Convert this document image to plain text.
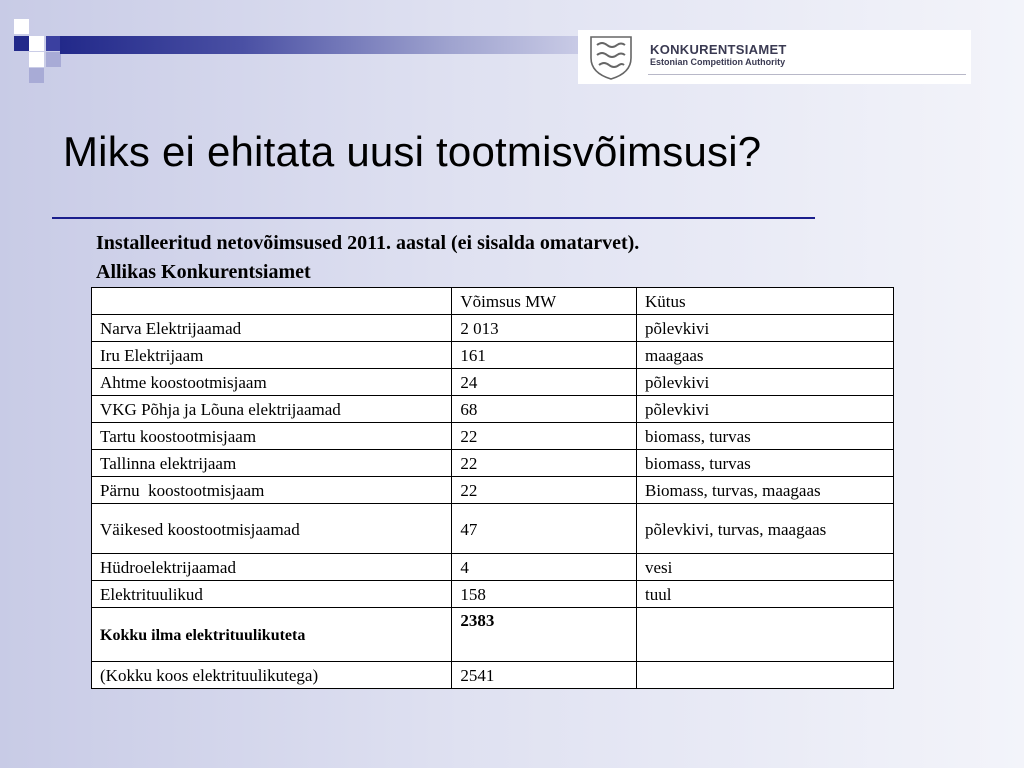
KONKURENTSIAMET
Estonian Competition Authority
Miks ei ehitata uusi tootmisvõimsusi?
Installeeritud netovõimsused 2011. aastal (ei sisalda omatarvet).
Allikas Konkurentsiamet
	Võimsus MW	Kütus
Narva Elektrijaamad	2 013	põlevkivi
Iru Elektrijaam	161	maagaas
Ahtme koostootmisjaam	24	põlevkivi
VKG Põhja ja Lõuna elektrijaamad	68	põlevkivi
Tartu koostootmisjaam	22	biomass, turvas
Tallinna elektrijaam	22	biomass, turvas
Pärnu  koostootmisjaam	22	Biomass, turvas, maagaas
Väikesed koostootmisjaamad	47	põlevkivi, turvas, maagaas

Hüdroelektrijaamad	4	vesi
Elektrituulikud	158	tuul
Kokku ilma elektrituulikuteta	2383	
(Kokku koos elektrituulikutega)	2541	
